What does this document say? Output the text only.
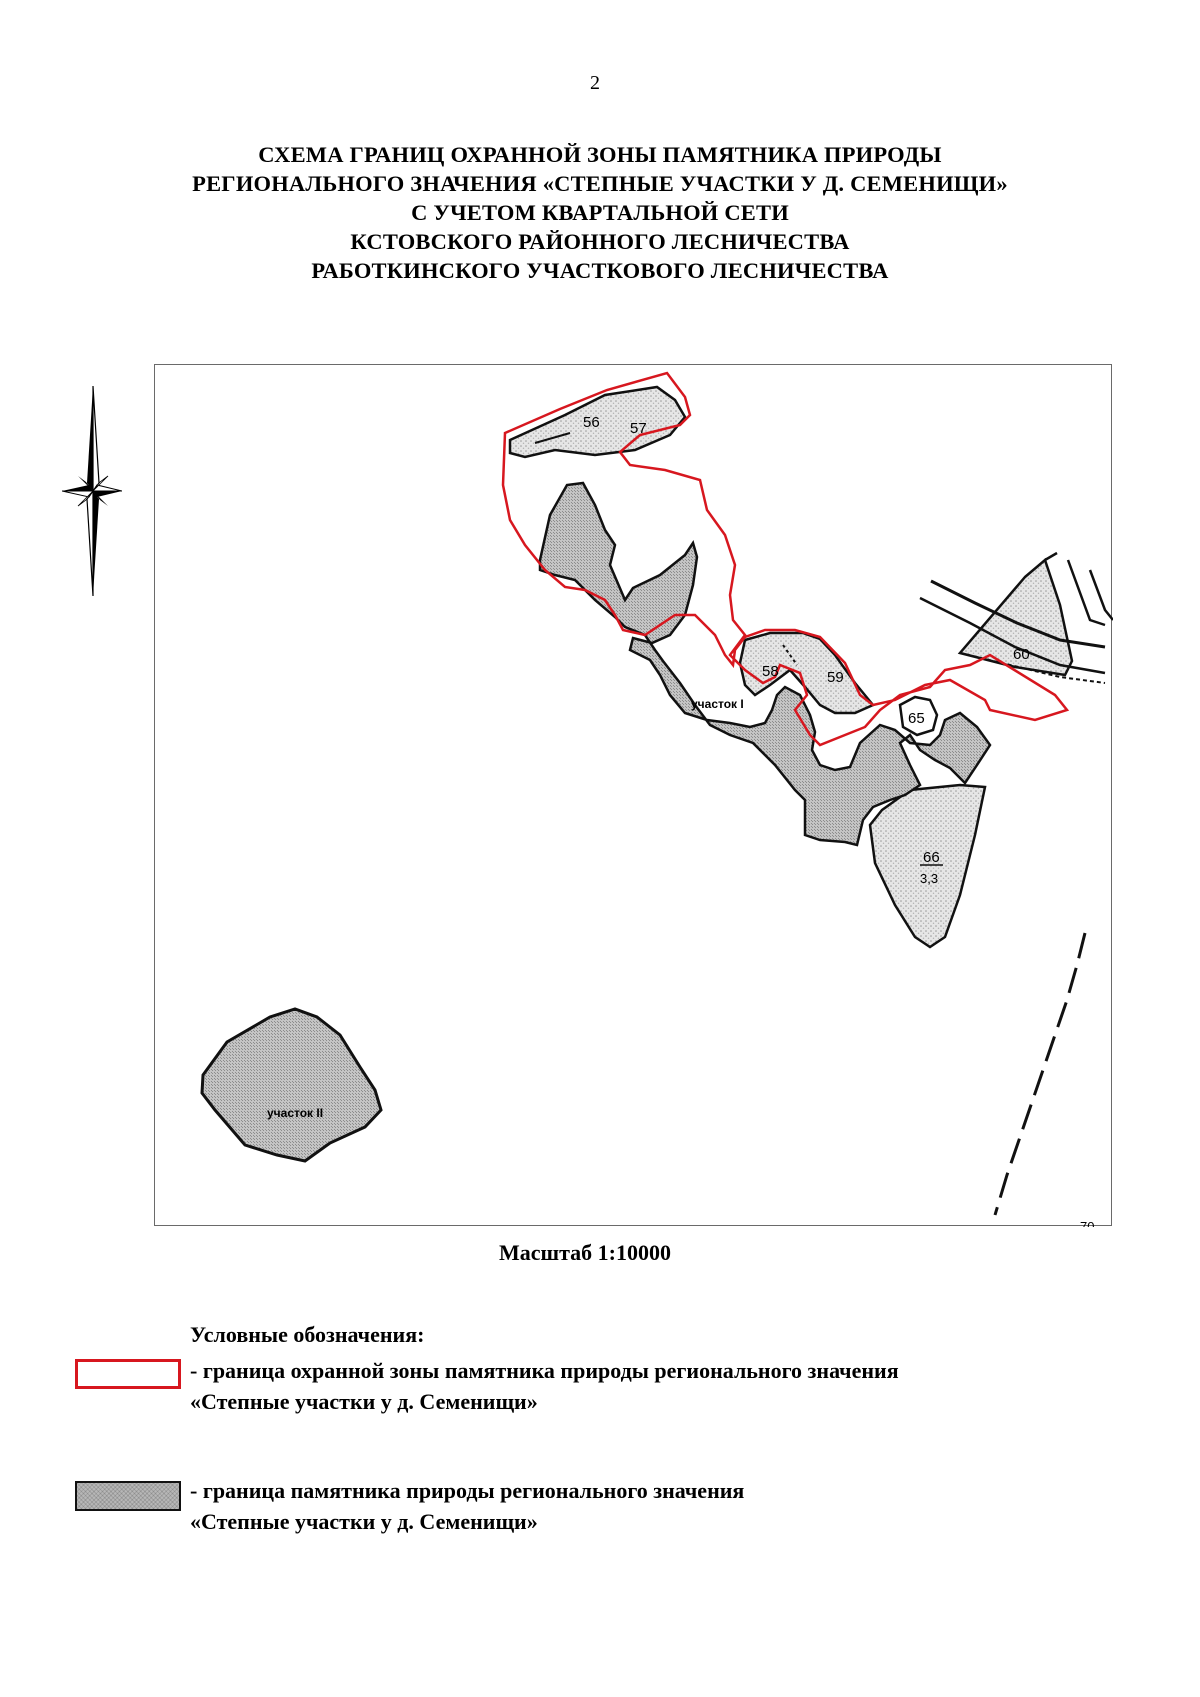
2
СХЕМА ГРАНИЦ ОХРАННОЙ ЗОНЫ ПАМЯТНИКА ПРИРОДЫ
РЕГИОНАЛЬНОГО ЗНАЧЕНИЯ «СТЕПНЫЕ УЧАСТКИ У Д. СЕМЕНИЩИ»
С УЧЕТОМ КВАРТАЛЬНОЙ СЕТИ
КСТОВСКОГО РАЙОННОГО ЛЕСНИЧЕСТВА
РАБОТКИНСКОГО УЧАСТКОВОГО ЛЕСНИЧЕСТВА
56 57
58	59
60
65
66
3,3
70
участок I
участок II
Масштаб 1:10000
Условные обозначения:
- граница охранной зоны памятника природы регионального значения
«Степные участки у д. Семенищи»
- граница памятника природы регионального значения
«Степные участки у д. Семенищи»
